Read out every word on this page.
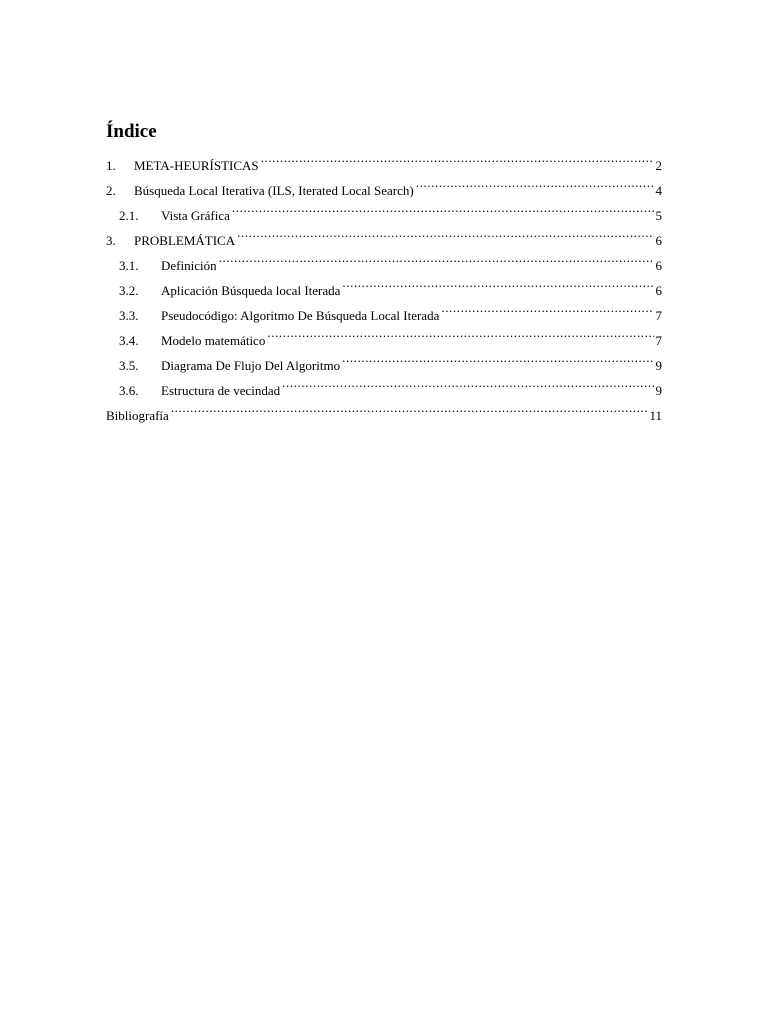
Índice
1.	META-HEURÍSTICAS .....	2
2.	Búsqueda Local Iterativa (ILS, Iterated Local Search) .....	4
2.1.	Vista Gráfica .....	5
3.	PROBLEMÁTICA .....	6
3.1.	Definición .....	6
3.2.	Aplicación Búsqueda local Iterada .....	6
3.3.	Pseudocódigo: Algoritmo De Búsqueda Local Iterada .....	7
3.4.	Modelo matemático .....	7
3.5.	Diagrama De Flujo Del Algoritmo .....	9
3.6.	Estructura de vecindad .....	9
Bibliografía .....	11
